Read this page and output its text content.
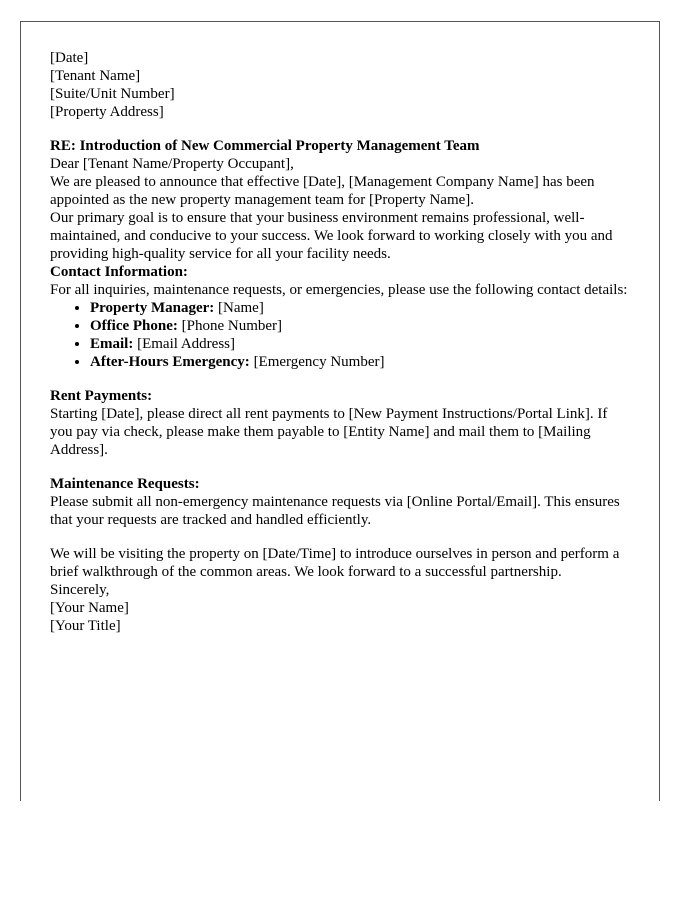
[Date]

[Tenant Name]
[Suite/Unit Number]
[Property Address]

RE: Introduction of New Commercial Property Management Team

Dear [Tenant Name/Property Occupant],

We are pleased to announce that effective [Date], [Management Company Name] has been appointed as the new property management team for [Property Name].

Our primary goal is to ensure that your business environment remains professional, well-maintained, and conducive to your success. We look forward to working closely with you and providing high-quality service for all your facility needs.

Contact Information:

For all inquiries, maintenance requests, or emergencies, please use the following contact details:

• Property Manager: [Name]
• Office Phone: [Phone Number]
• Email: [Email Address]
• After-Hours Emergency: [Emergency Number]

Rent Payments:

Starting [Date], please direct all rent payments to [New Payment Instructions/Portal Link]. If you pay via check, please make them payable to [Entity Name] and mail them to [Mailing Address].

Maintenance Requests:

Please submit all non-emergency maintenance requests via [Online Portal/Email]. This ensures that your requests are tracked and handled efficiently.

We will be visiting the property on [Date/Time] to introduce ourselves in person and perform a brief walkthrough of the common areas. We look forward to a successful partnership.

Sincerely,

[Your Name]
[Your Title]
